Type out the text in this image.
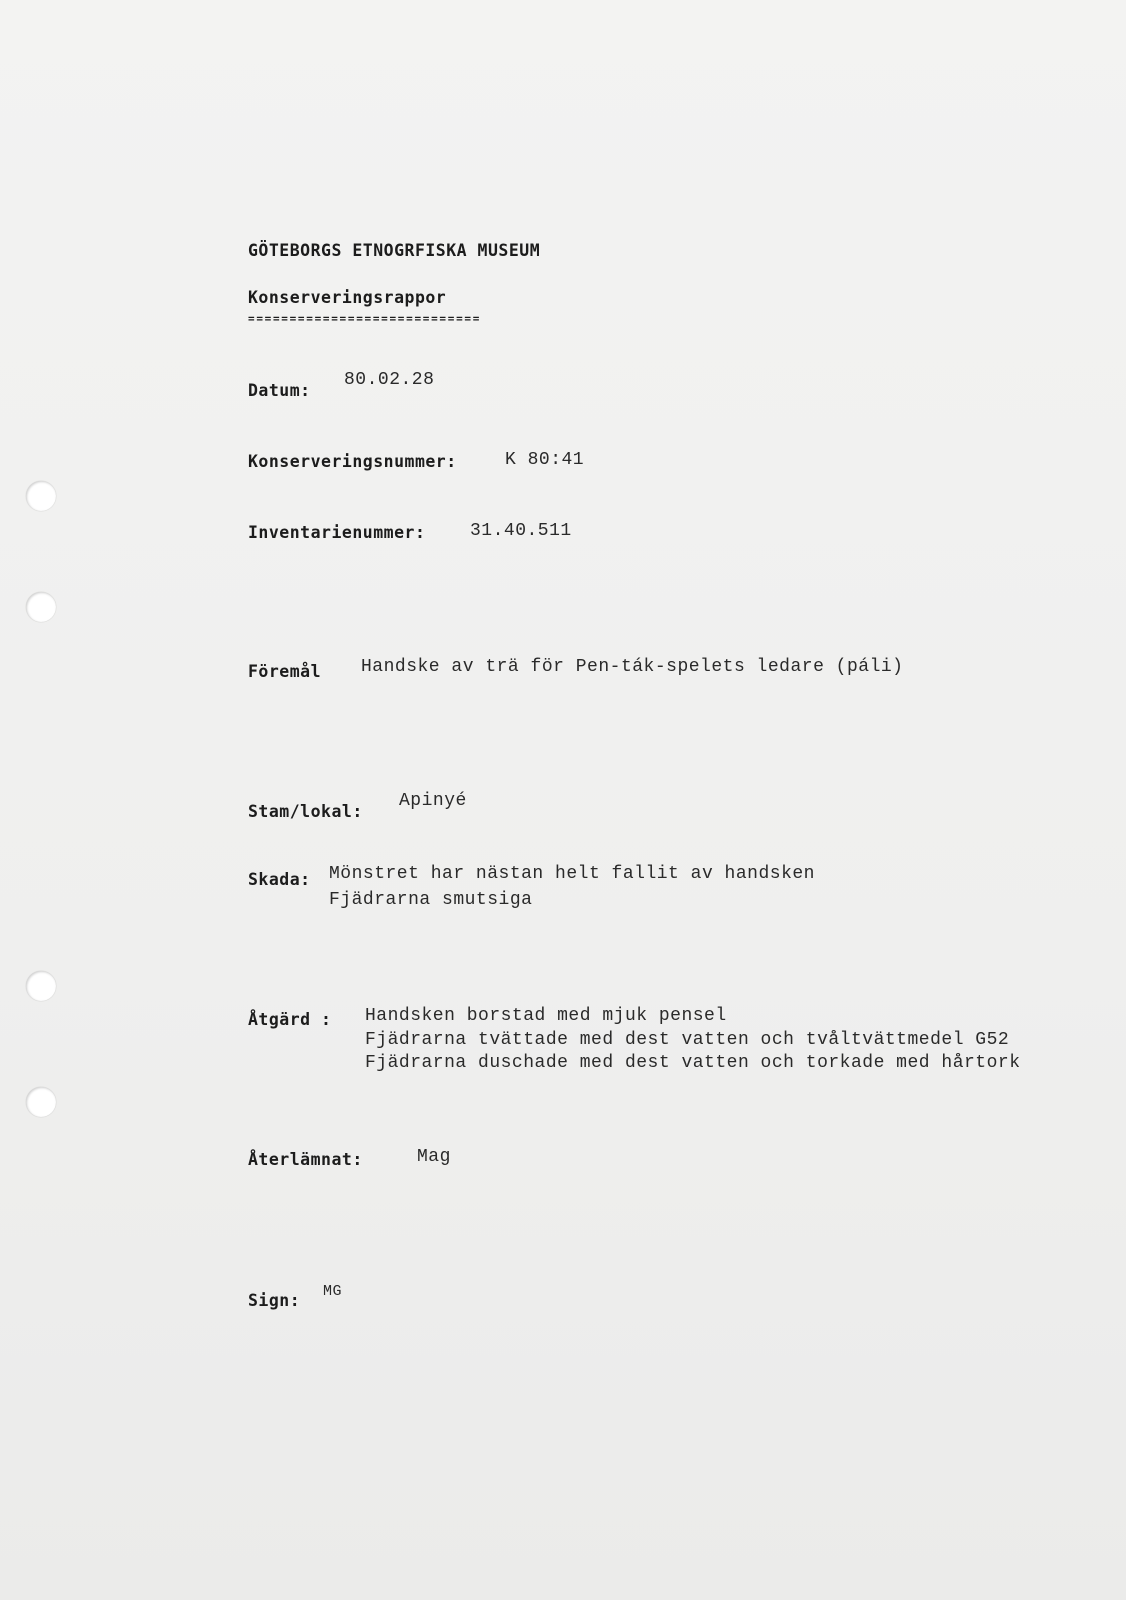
GÖTEBORGS ETNOGRFISKA MUSEUM
Konserveringsrappor
============================
Datum:
80.02.28
Konserveringsnummer:	K 80:41
Inventarienummer: 31.40.511
Föremål Handske av trä för Pen-ták-spelets ledare (páli)
Stam/lokal:
Apinyé
Skada: Mönstret har nästan helt fallit av handsken
Fjädrarna smutsiga
Åtgärd : Handsken borstad med mjuk pensel
Fjädrarna tvättade med dest vatten och tvåltvättmedel G52
Fjädrarna duschade med dest vatten och torkade med hårtork
Återlämnat:	Mag
Sign: MG
